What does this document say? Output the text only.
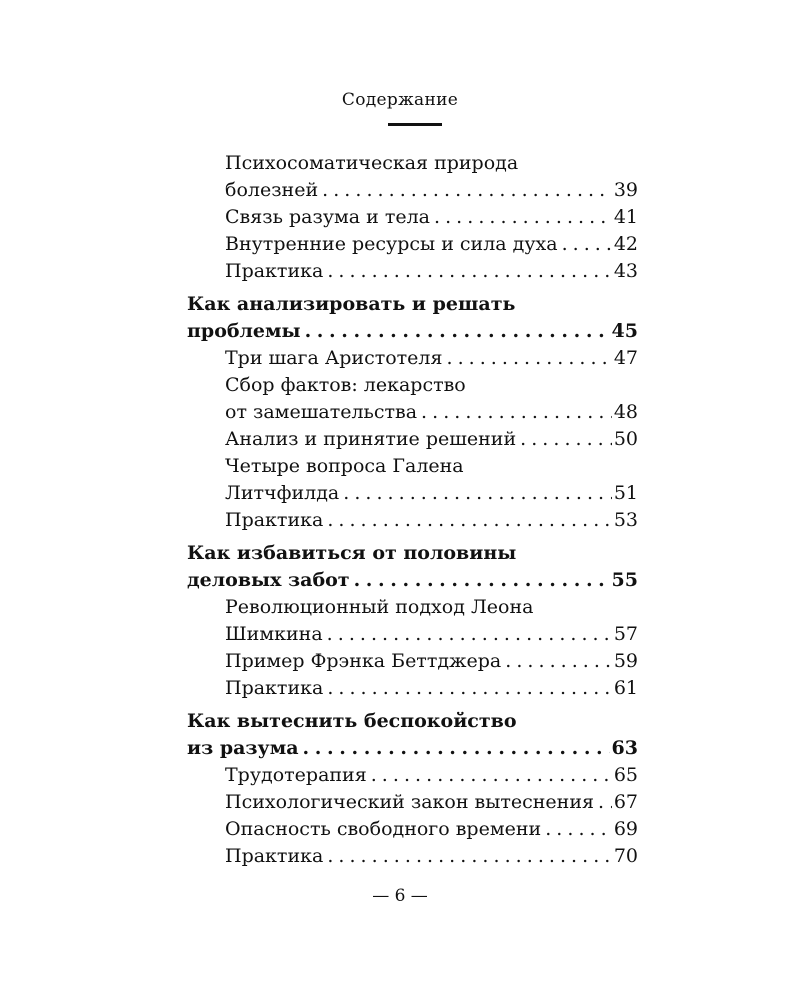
Содержание
Психосоматическая природа
болезней . . .	39
Связь разума и тела . . .	41
Внутренние ресурсы и сила духа . . .	42
Практика . . .	43
Как анализировать и решать
проблемы . . .	45
Три шага Аристотеля . . .	47
Сбор фактов: лекарство
от замешательства . . .	48
Анализ и принятие решений . . .	50
Четыре вопроса Галена
Литчфилда . . .	51
Практика . . .	53
Как избавиться от половины
деловых забот . . .	55
Революционный подход Леона
Шимкина . . .	57
Пример Фрэнка Беттджера . . .	59
Практика . . .	61
Как вытеснить беспокойство
из разума . . .	63
Трудотерапия . . .	65
Психологический закон вытеснения . . . 67
Опасность свободного времени . . .	69
Практика . . .	70
— 6 —
